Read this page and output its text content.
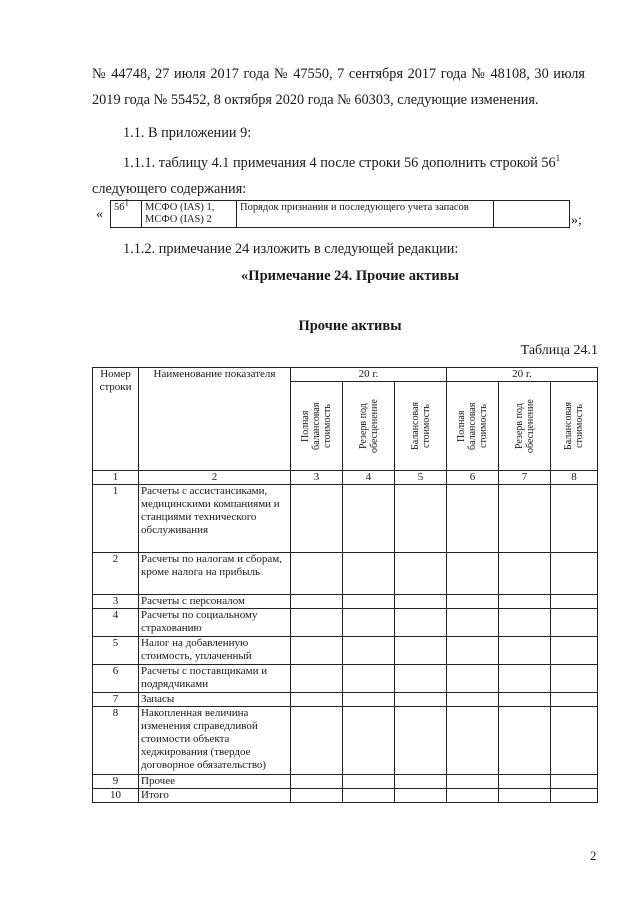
№ 44748, 27 июля 2017 года № 47550, 7 сентября 2017 года № 48108, 30 июля
2019 года № 55452, 8 октября 2020 года № 60303, следующие изменения.
1.1. В приложении 9:
1.1.1. таблицу 4.1 примечания 4 после строки 56 дополнить строкой $56^1$
следующего содержания:
« $56^1$	МСФО (IAS) 1, МСФО (IAS) 2	Порядок признания и последующего учета запасов	
»;
1.1.2. примечание 24 изложить в следующей редакции:
«Примечание 24. Прочие активы
Прочие активы
Таблица 24.1
Номер строки	Наименование показателя	20 г.			20 г.		

		Полная балансовая стоимость	Резерв под обесценение	Балансовая стоимость	Полная балансовая стоимость	Резерв под обесценение	Балансовая стоимость

1	2	3	4	5	6	7	8
1	Расчеты с ассистансиками, медицинскими компаниями и станциями технического обслуживания						
2	Расчеты по налогам и сборам, кроме налога на прибыль						
3	Расчеты с персоналом						
4	Расчеты по социальному страхованию						
5	Налог на добавленную стоимость, уплаченный						
6	Расчеты с поставщиками и подрядчиками						
7	Запасы						
8	Накопленная величина изменения справедливой стоимости объекта хеджирования (твердое договорное обязательство)						
9	Прочее						
10	Итого						
2
